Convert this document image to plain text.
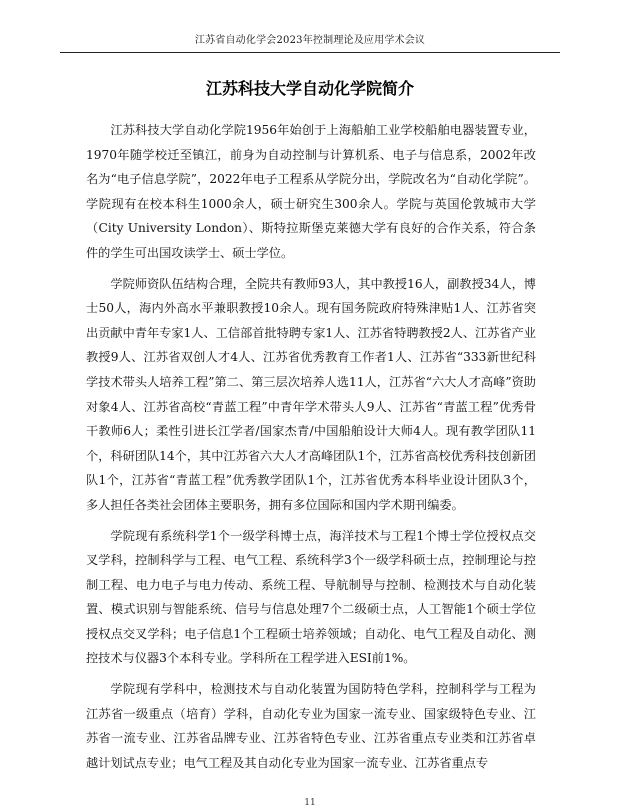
江苏省自动化学会2023年控制理论及应用学术会议
江苏科技大学自动化学院简介

江苏科技大学自动化学院1956年始创于上海船舶工业学校船舶电器装置专业，1970年随学校迁至镇江，前身为自动控制与计算机系、电子与信息系，2002年改名为“电子信息学院”，2022年电子工程系从学院分出，学院改名为“自动化学院”。学院现有在校本科生1000余人，硕士研究生300余人。学院与英国伦敦城市大学（City University London）、斯特拉斯堡克莱德大学有良好的合作关系，符合条件的学生可出国攻读学士、硕士学位。

学院师资队伍结构合理，全院共有教师93人，其中教授16人，副教授34人，博士50人，海内外高水平兼职教授10余人。现有国务院政府特殊津贴1人、江苏省突出贡献中青年专家1人、工信部首批特聘专家1人、江苏省特聘教授2人、江苏省产业教授9人、江苏省双创人才4人、江苏省优秀教育工作者1人、江苏省“333新世纪科学技术带头人培养工程”第二、第三层次培养人选11人，江苏省“六大人才高峰”资助对象4人、江苏省高校“青蓝工程”中青年学术带头人9人、江苏省“青蓝工程”优秀骨干教师6人；柔性引进长江学者/国家杰青/中国船舶设计大师4人。现有教学团队11个，科研团队14个，其中江苏省六大人才高峰团队1个，江苏省高校优秀科技创新团队1个，江苏省“青蓝工程”优秀教学团队1个，江苏省优秀本科毕业设计团队3个，多人担任各类社会团体主要职务，拥有多位国际和国内学术期刊编委。

学院现有系统科学1个一级学科博士点，海洋技术与工程1个博士学位授权点交叉学科，控制科学与工程、电气工程、系统科学3个一级学科硕士点，控制理论与控制工程、电力电子与电力传动、系统工程、导航制导与控制、检测技术与自动化装置、模式识别与智能系统、信号与信息处理7个二级硕士点，人工智能1个硕士学位授权点交叉学科；电子信息1个工程硕士培养领域；自动化、电气工程及自动化、测控技术与仪器3个本科专业。学科所在工程学进入ESI前1%。

学院现有学科中，检测技术与自动化装置为国防特色学科，控制科学与工程为江苏省一级重点（培育）学科，自动化专业为国家一流专业、国家级特色专业、江苏省一流专业、江苏省品牌专业、江苏省特色专业、江苏省重点专业类和江苏省卓越计划试点专业；电气工程及其自动化专业为国家一流专业、江苏省重点专

11
